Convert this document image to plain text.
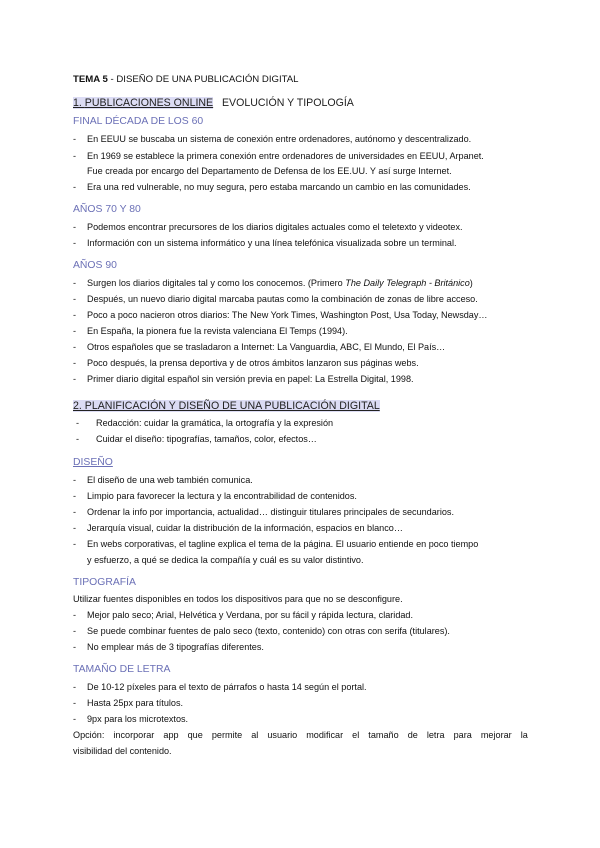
TEMA 5 - DISEÑO DE UNA PUBLICACIÓN DIGITAL
1. PUBLICACIONES ONLINE   EVOLUCIÓN Y TIPOLOGÍA
FINAL DÉCADA DE LOS 60
- En EEUU se buscaba un sistema de conexión entre ordenadores, autónomo y descentralizado.
- En 1969 se establece la primera conexión entre ordenadores de universidades en EEUU, Arpanet.
Fue creada por encargo del Departamento de Defensa de los EE.UU. Y así surge Internet.
- Era una red vulnerable, no muy segura, pero estaba marcando un cambio en las comunidades.
AÑOS 70 Y 80
- Podemos encontrar precursores de los diarios digitales actuales como el teletexto y videotex.
- Información con un sistema informático y una línea telefónica visualizada sobre un terminal.
AÑOS 90
- Surgen los diarios digitales tal y como los conocemos. (Primero The Daily Telegraph - Británico)
- Después, un nuevo diario digital marcaba pautas como la combinación de zonas de libre acceso.
- Poco a poco nacieron otros diarios: The New York Times, Washington Post, Usa Today, Newsday…
- En España, la pionera fue la revista valenciana El Temps (1994).
- Otros españoles que se trasladaron a Internet: La Vanguardia, ABC, El Mundo, El País…
- Poco después, la prensa deportiva y de otros ámbitos lanzaron sus páginas webs.
- Primer diario digital español sin versión previa en papel: La Estrella Digital, 1998.
2. PLANIFICACIÓN Y DISEÑO DE UNA PUBLICACIÓN DIGITAL
- Redacción: cuidar la gramática, la ortografía y la expresión
- Cuidar el diseño: tipografías, tamaños, color, efectos…
DISEÑO
- El diseño de una web también comunica.
- Limpio para favorecer la lectura y la encontrabilidad de contenidos.
- Ordenar la info por importancia, actualidad… distinguir titulares principales de secundarios.
- Jerarquía visual, cuidar la distribución de la información, espacios en blanco…
- En webs corporativas, el tagline explica el tema de la página. El usuario entiende en poco tiempo
y esfuerzo, a qué se dedica la compañía y cuál es su valor distintivo.
TIPOGRAFÍA
Utilizar fuentes disponibles en todos los dispositivos para que no se desconfigure.
- Mejor palo seco; Arial, Helvética y Verdana, por su fácil y rápida lectura, claridad.
- Se puede combinar fuentes de palo seco (texto, contenido) con otras con serifa (titulares).
- No emplear más de 3 tipografías diferentes.
TAMAÑO DE LETRA
- De 10-12 píxeles para el texto de párrafos o hasta 14 según el portal.
- Hasta 25px para títulos.
- 9px para los microtextos.
Opción: incorporar app que permite al usuario modificar el tamaño de letra para mejorar la
visibilidad del contenido.
